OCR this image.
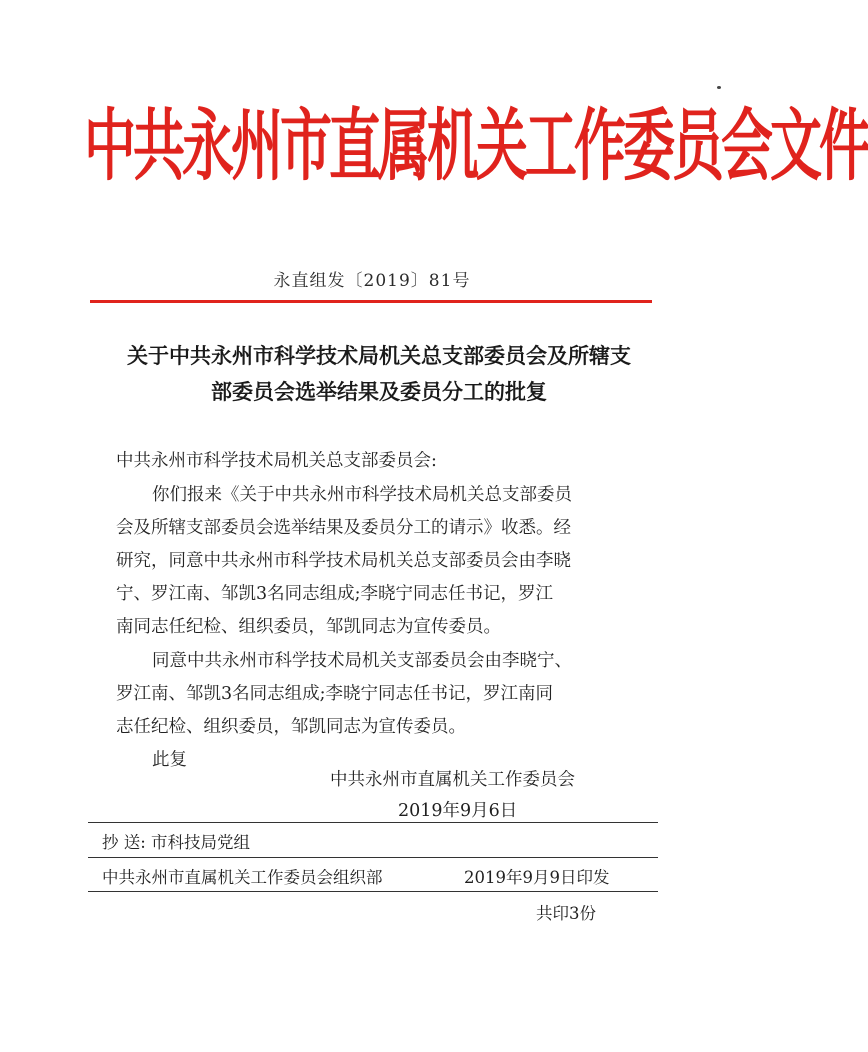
中共永州市直属机关工作委员会文件
永直组发〔2019〕81号
关于中共永州市科学技术局机关总支部委员会及所辖支
部委员会选举结果及委员分工的批复
中共永州市科学技术局机关总支部委员会:
你们报来《关于中共永州市科学技术局机关总支部委员
会及所辖支部委员会选举结果及委员分工的请示》收悉。经
研究，同意中共永州市科学技术局机关总支部委员会由李晓
宁、罗江南、邹凯3名同志组成;李晓宁同志任书记，罗江
南同志任纪检、组织委员，邹凯同志为宣传委员。
同意中共永州市科学技术局机关支部委员会由李晓宁、
罗江南、邹凯3名同志组成;李晓宁同志任书记，罗江南同
志任纪检、组织委员，邹凯同志为宣传委员。
此复
中共永州市直属机关工作委员会
2019年9月6日
抄 送: 市科技局党组
中共永州市直属机关工作委员会组织部	2019年9月9日印发
共印3份
